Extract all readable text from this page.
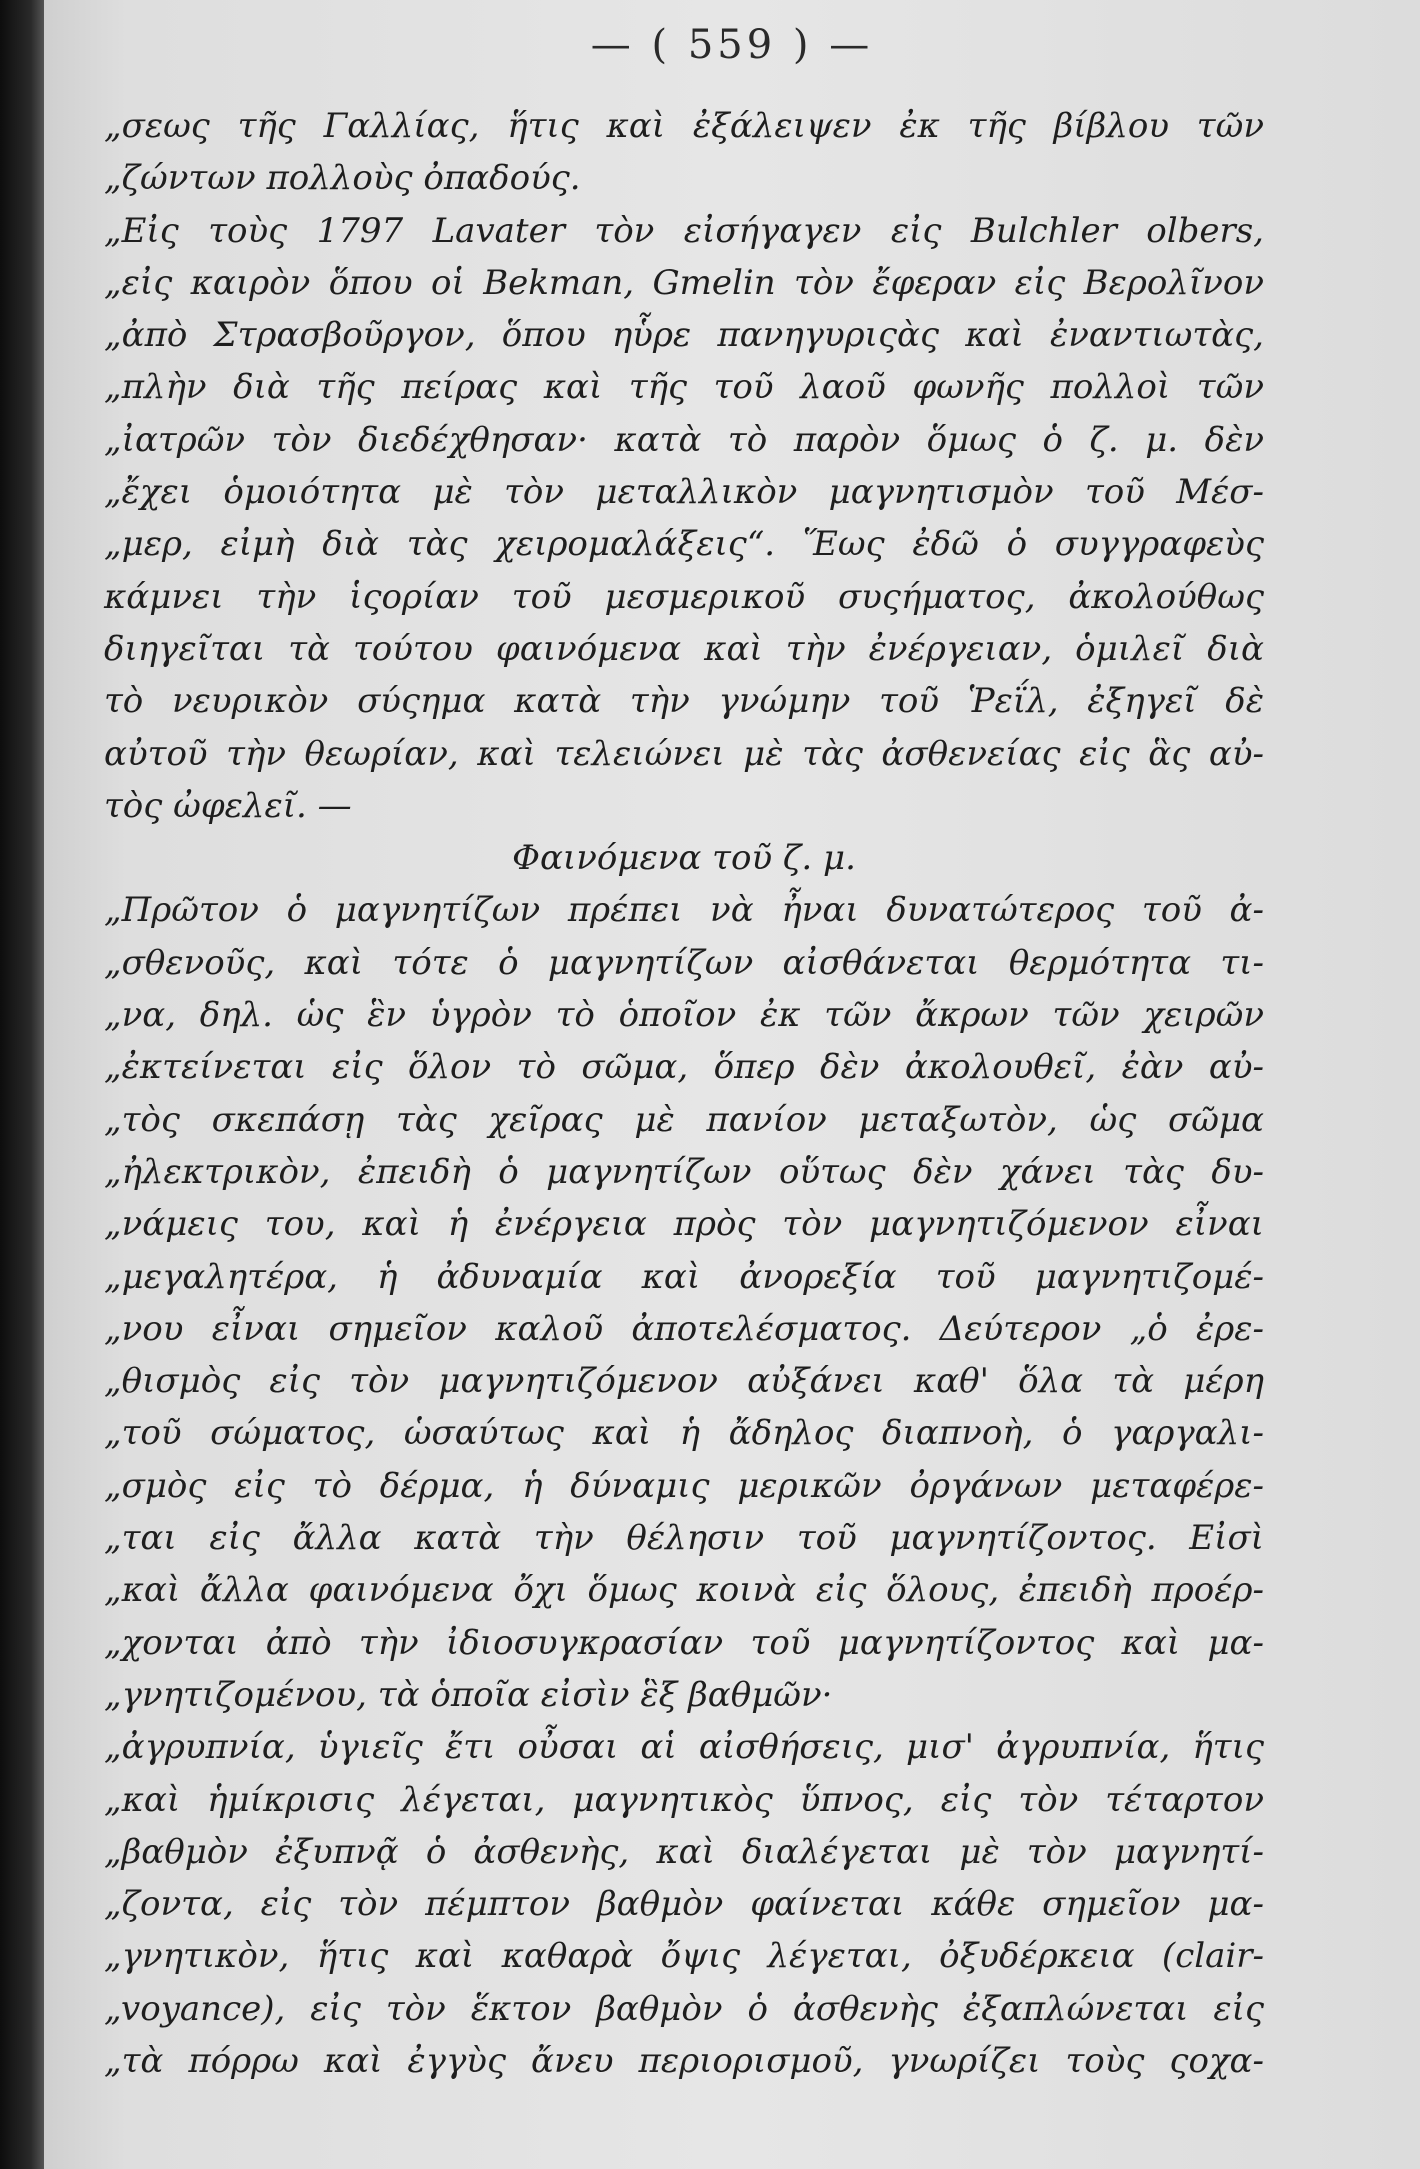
— ( 559 ) —
„σεως τῆς Γαλλίας, ἥτις καὶ ἐξάλειψεν ἐκ τῆς βίβλου τῶν
„ζώντων πολλοὺς ὀπαδούς.
„Εἰς τοὺς 1797 Lavater τὸν εἰσήγαγεν εἰς Bulchler olbers,
„εἰς καιρὸν ὅπου οἱ Bekman, Gmelin τὸν ἔφεραν εἰς Βερολῖνον
„ἀπὸ Στρασβοῦργον, ὅπου ηὗρε πανηγυριςὰς καὶ ἐναντιωτὰς,
„πλὴν διὰ τῆς πείρας καὶ τῆς τοῦ λαοῦ φωνῆς πολλοὶ τῶν
„ἰατρῶν τὸν διεδέχθησαν· κατὰ τὸ παρὸν ὅμως ὁ ζ. μ. δὲν
„ἔχει ὁμοιότητα μὲ τὸν μεταλλικὸν μαγνητισμὸν τοῦ Μέσ-
„μερ, εἰμὴ διὰ τὰς χειρομαλάξεις“. Ἕως ἐδῶ ὁ συγγραφεὺς
κάμνει τὴν ἱςορίαν τοῦ μεσμερικοῦ συςήματος, ἀκολούθως
διηγεῖται τὰ τούτου φαινόμενα καὶ τὴν ἐνέργειαν, ὁμιλεῖ διὰ
τὸ νευρικὸν σύςημα κατὰ τὴν γνώμην τοῦ Ῥεΐλ, ἐξηγεῖ δὲ
αὐτοῦ τὴν θεωρίαν, καὶ τελειώνει μὲ τὰς ἀσθενείας εἰς ἃς αὐ-
τὸς ὠφελεῖ. —
Φαινόμενα τοῦ ζ. μ.
„Πρῶτον ὁ μαγνητίζων πρέπει νὰ ἦναι δυνατώτερος τοῦ ἀ-
„σθενοῦς, καὶ τότε ὁ μαγνητίζων αἰσθάνεται θερμότητα τι-
„να, δηλ. ὡς ἓν ὑγρὸν τὸ ὁποῖον ἐκ τῶν ἄκρων τῶν χειρῶν
„ἐκτείνεται εἰς ὅλον τὸ σῶμα, ὅπερ δὲν ἀκολουθεῖ, ἐὰν αὐ-
„τὸς σκεπάσῃ τὰς χεῖρας μὲ πανίον μεταξωτὸν, ὡς σῶμα
„ἠλεκτρικὸν, ἐπειδὴ ὁ μαγνητίζων οὕτως δὲν χάνει τὰς δυ-
„νάμεις του, καὶ ἡ ἐνέργεια πρὸς τὸν μαγνητιζόμενον εἶναι
„μεγαλητέρα, ἡ ἀδυναμία καὶ ἀνορεξία τοῦ μαγνητιζομέ-
„νου εἶναι σημεῖον καλοῦ ἀποτελέσματος. Δεύτερον „ὁ ἐρε-
„θισμὸς εἰς τὸν μαγνητιζόμενον αὐξάνει καθ' ὅλα τὰ μέρη
„τοῦ σώματος, ὡσαύτως καὶ ἡ ἄδηλος διαπνοὴ, ὁ γαργαλι-
„σμὸς εἰς τὸ δέρμα, ἡ δύναμις μερικῶν ὀργάνων μεταφέρε-
„ται εἰς ἄλλα κατὰ τὴν θέλησιν τοῦ μαγνητίζοντος. Εἰσὶ
„καὶ ἄλλα φαινόμενα ὄχι ὅμως κοινὰ εἰς ὅλους, ἐπειδὴ προέρ-
„χονται ἀπὸ τὴν ἰδιοσυγκρασίαν τοῦ μαγνητίζοντος καὶ μα-
„γνητιζομένου, τὰ ὁποῖα εἰσὶν ἓξ βαθμῶν·
„ἀγρυπνία, ὑγιεῖς ἔτι οὖσαι αἱ αἰσθήσεις, μισ' ἀγρυπνία, ἥτις
„καὶ ἡμίκρισις λέγεται, μαγνητικὸς ὕπνος, εἰς τὸν τέταρτον
„βαθμὸν ἐξυπνᾷ ὁ ἀσθενὴς, καὶ διαλέγεται μὲ τὸν μαγνητί-
„ζοντα, εἰς τὸν πέμπτον βαθμὸν φαίνεται κάθε σημεῖον μα-
„γνητικὸν, ἥτις καὶ καθαρὰ ὄψις λέγεται, ὀξυδέρκεια (clair-
„voyance), εἰς τὸν ἕκτον βαθμὸν ὁ ἀσθενὴς ἐξαπλώνεται εἰς
„τὰ πόρρω καὶ ἐγγὺς ἄνευ περιορισμοῦ, γνωρίζει τοὺς ςοχα-
